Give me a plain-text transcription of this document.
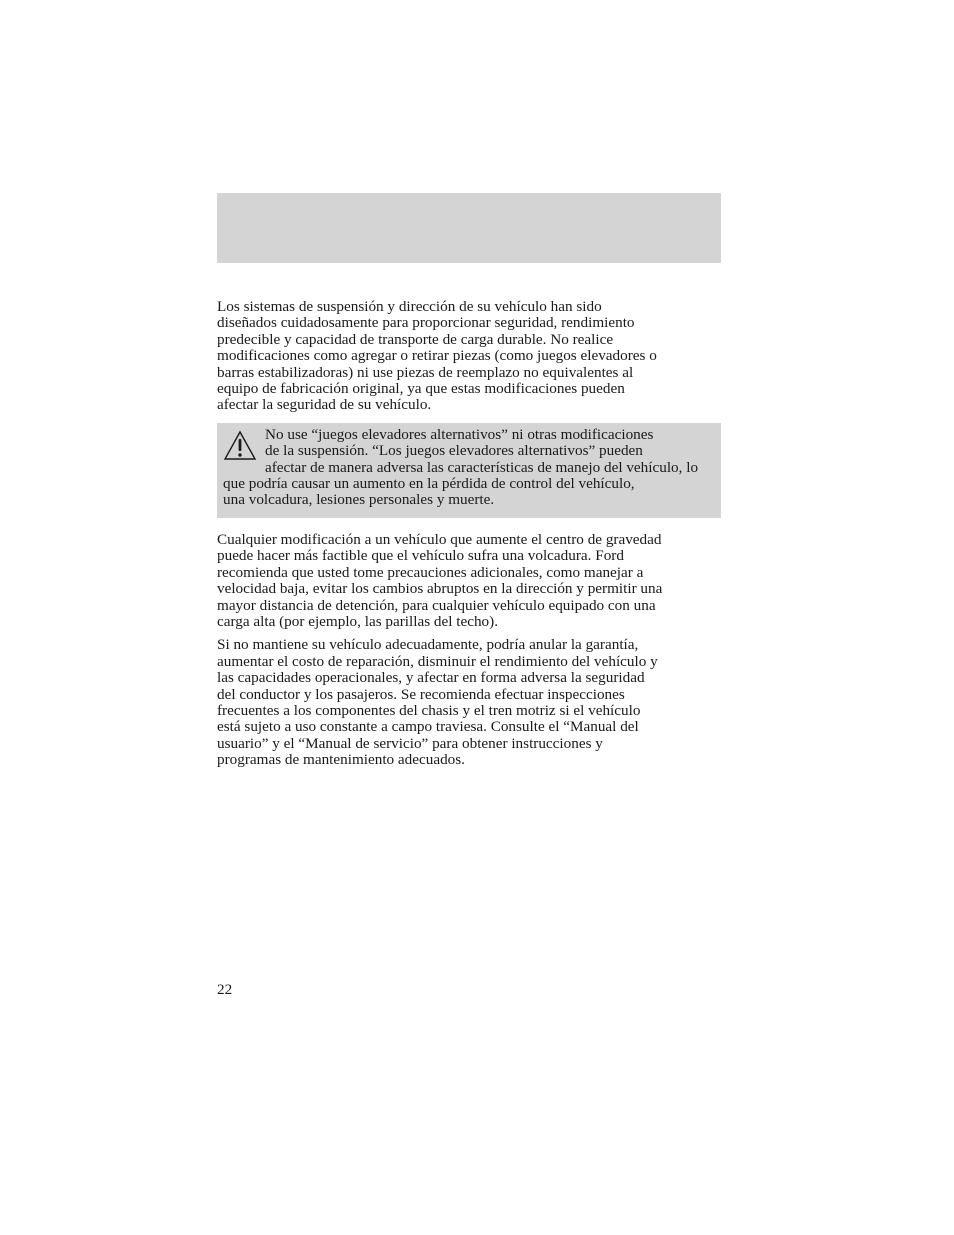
Los sistemas de suspensión y dirección de su vehículo han sido
diseñados cuidadosamente para proporcionar seguridad, rendimiento
predecible y capacidad de transporte de carga durable. No realice
modificaciones como agregar o retirar piezas (como juegos elevadores o
barras estabilizadoras) ni use piezas de reemplazo no equivalentes al
equipo de fabricación original, ya que estas modificaciones pueden
afectar la seguridad de su vehículo.

No use “juegos elevadores alternativos” ni otras modificaciones
de la suspensión. “Los juegos elevadores alternativos” pueden
afectar de manera adversa las características de manejo del vehículo, lo
que podría causar un aumento en la pérdida de control del vehículo,
una volcadura, lesiones personales y muerte.

Cualquier modificación a un vehículo que aumente el centro de gravedad
puede hacer más factible que el vehículo sufra una volcadura. Ford
recomienda que usted tome precauciones adicionales, como manejar a
velocidad baja, evitar los cambios abruptos en la dirección y permitir una
mayor distancia de detención, para cualquier vehículo equipado con una
carga alta (por ejemplo, las parillas del techo).

Si no mantiene su vehículo adecuadamente, podría anular la garantía,
aumentar el costo de reparación, disminuir el rendimiento del vehículo y
las capacidades operacionales, y afectar en forma adversa la seguridad
del conductor y los pasajeros. Se recomienda efectuar inspecciones
frecuentes a los componentes del chasis y el tren motriz si el vehículo
está sujeto a uso constante a campo traviesa. Consulte el “Manual del
usuario” y el “Manual de servicio” para obtener instrucciones y
programas de mantenimiento adecuados.

22
